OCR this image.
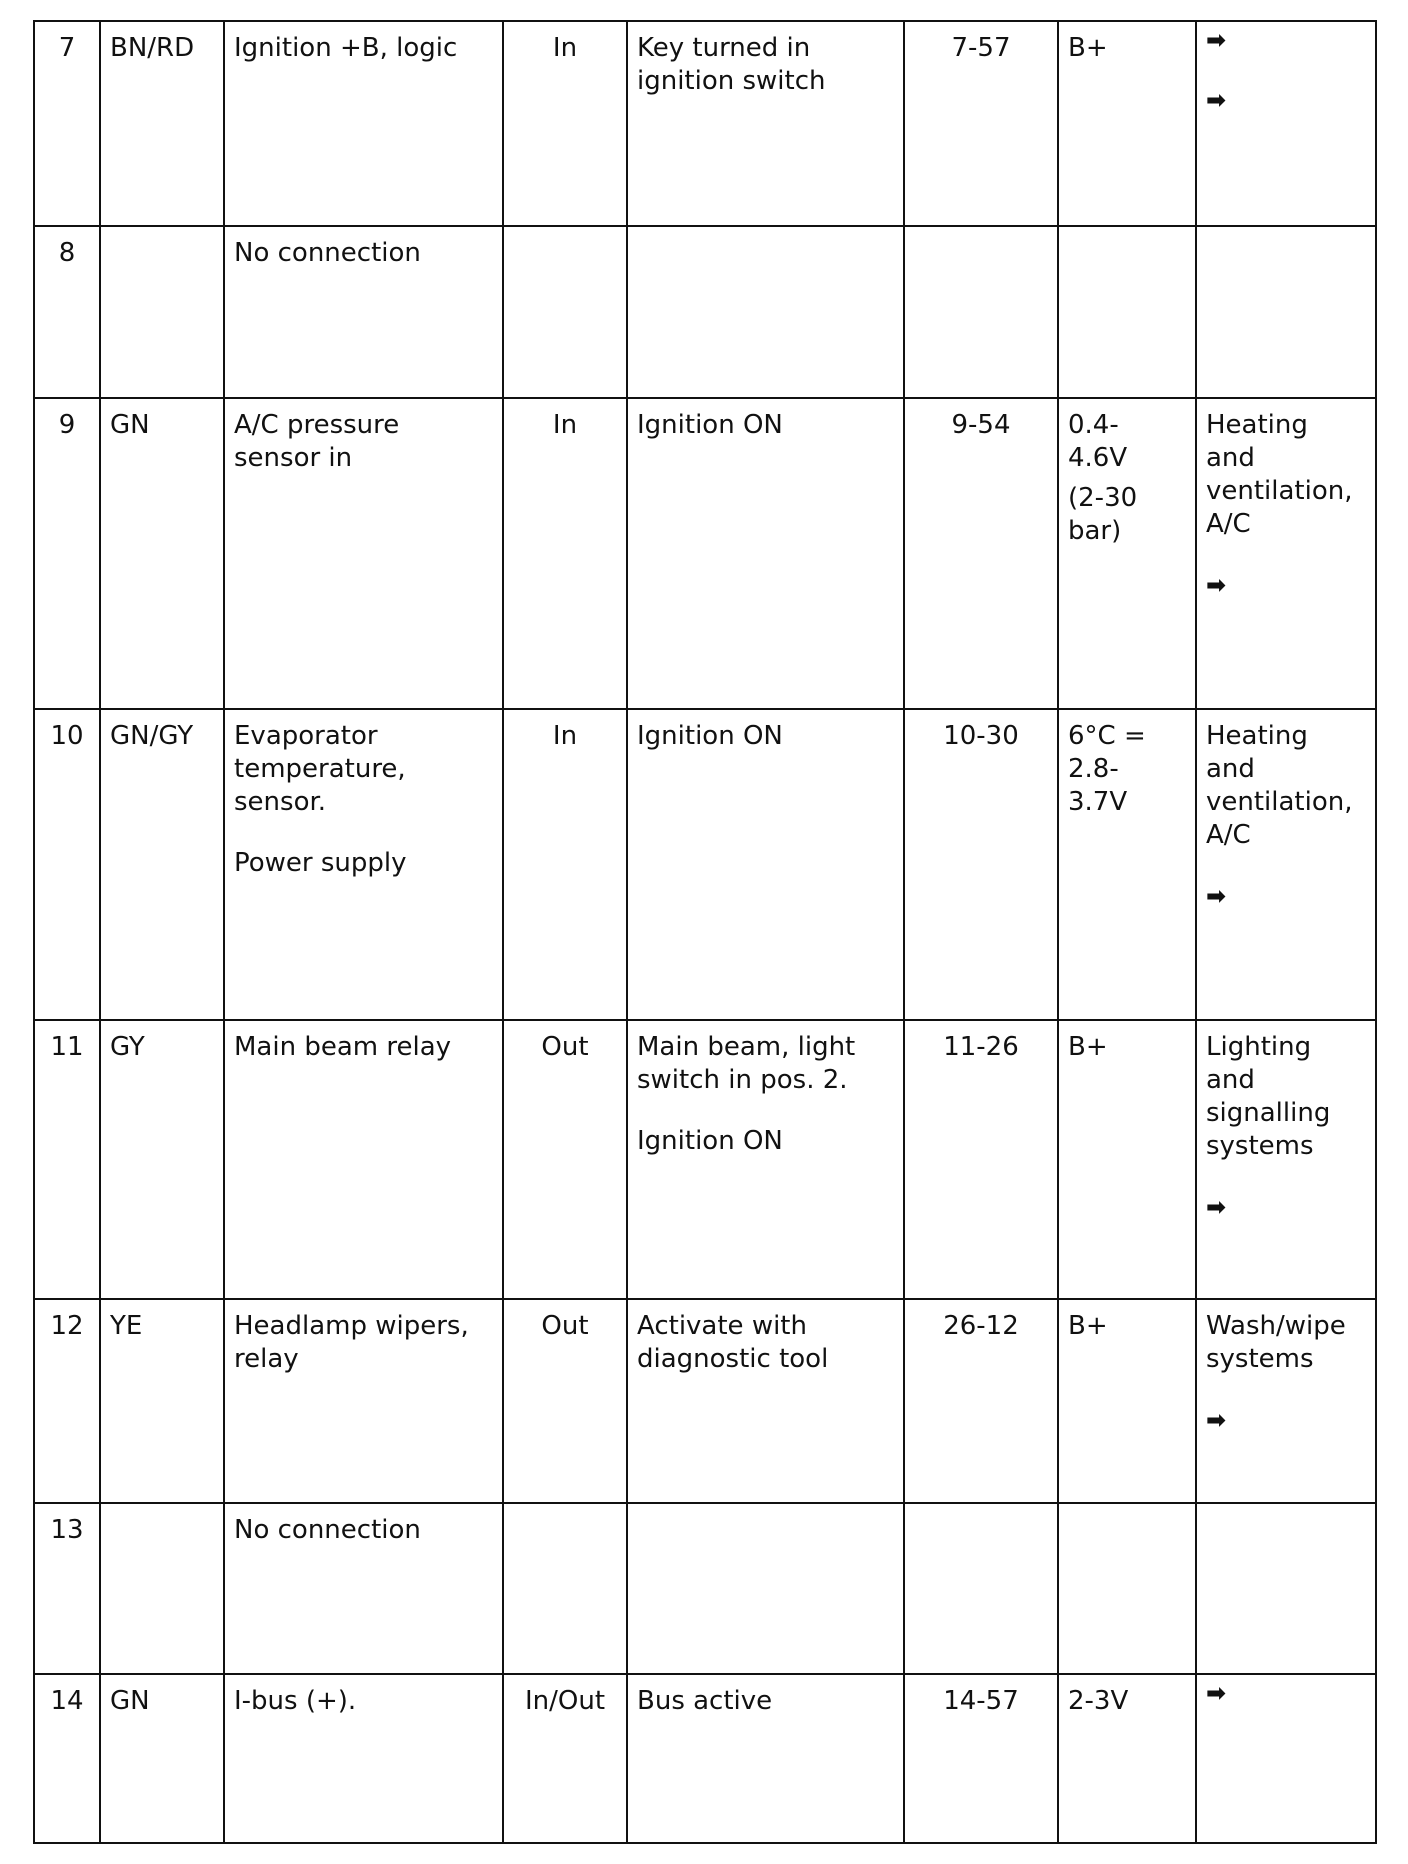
7	BN/RD	Ignition +B, logic	In	Key turned in
ignition switch	7-57	B+	➡
➡

8		No connection					

9	GN	A/C pressure
sensor in	In	Ignition ON	9-54	0.4-
4.6V
(2-30
bar)	Heating
and
ventilation,
A/C
➡

10	GN/GY	Evaporator
temperature,
sensor.
Power supply	In	Ignition ON	10-30	6°C =
2.8-
3.7V	Heating
and
ventilation,
A/C
➡

11	GY	Main beam relay	Out	Main beam, light
switch in pos. 2.
Ignition ON	11-26	B+	Lighting
and
signalling
systems
➡

12	YE	Headlamp wipers,
relay	Out	Activate with
diagnostic tool	26-12	B+	Wash/wipe
systems
➡

13		No connection					

14	GN	I-bus (+).	In/Out	Bus active	14-57	2-3V	➡
